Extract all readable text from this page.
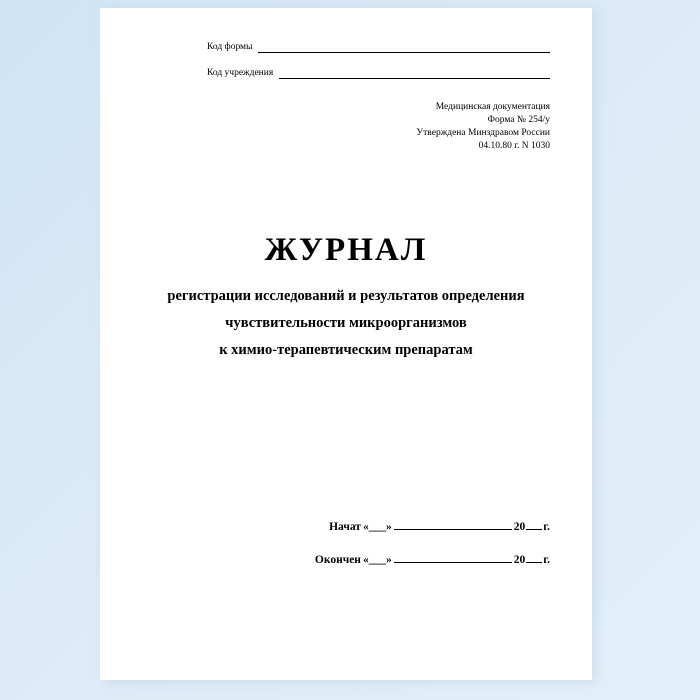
Код формы
Код учреждения
Медицинская документация
Форма № 254/у
Утверждена Минздравом России
04.10.80 г. N 1030
ЖУРНАЛ
регистрации исследований и результатов определения
чувствительности микроорганизмов
к химио-терапевтическим препаратам
Начат «___»	20 г.
Окончен «___»	20 г.
